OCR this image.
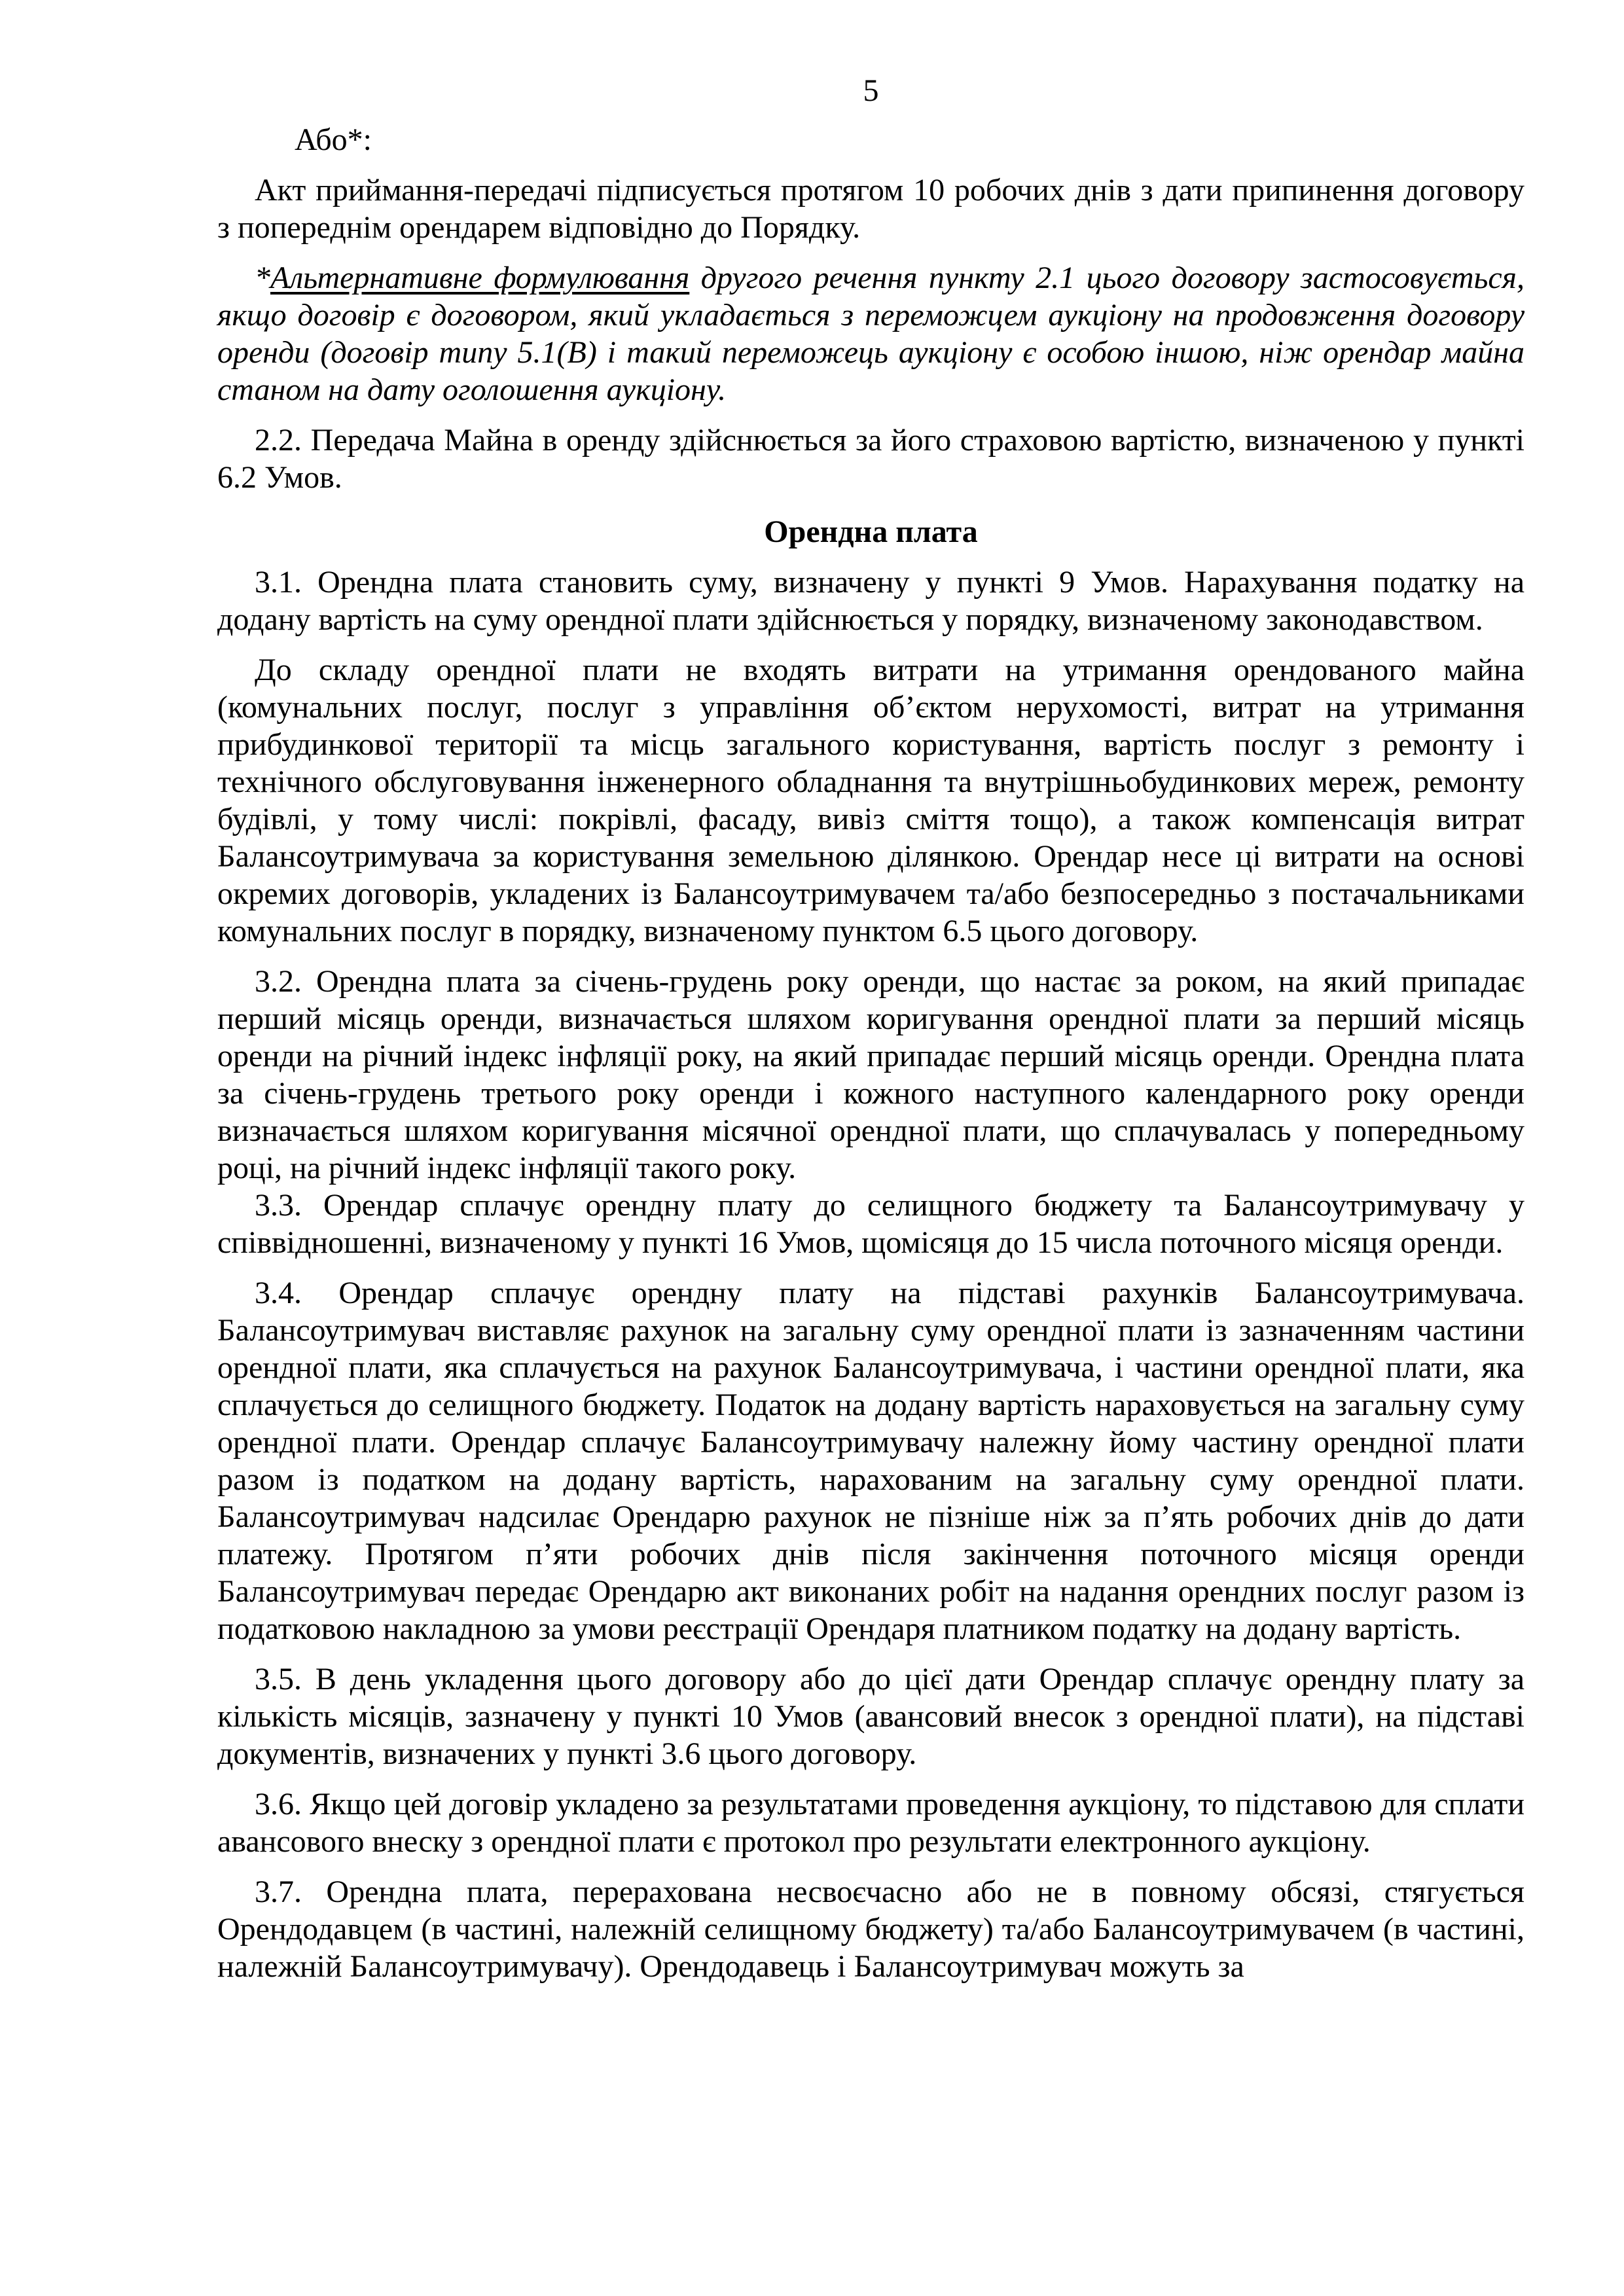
5

Або*:

Акт приймання-передачі підписується протягом 10 робочих днів з дати припинення договору з попереднім орендарем відповідно до Порядку.

*Альтернативне формулювання другого речення пункту 2.1 цього договору застосовується, якщо договір є договором, який укладається з переможцем аукціону на продовження договору оренди (договір типу 5.1(В) і такий переможець аукціону є особою іншою, ніж орендар майна станом на дату оголошення аукціону.

2.2. Передача Майна в оренду здійснюється за його страховою вартістю, визначеною у пункті 6.2 Умов.

Орендна плата

3.1. Орендна плата становить суму, визначену у пункті 9 Умов. Нарахування податку на додану вартість на суму орендної плати здійснюється у порядку, визначеному законодавством.

До складу орендної плати не входять витрати на утримання орендованого майна (комунальних послуг, послуг з управління об’єктом нерухомості, витрат на утримання прибудинкової території та місць загального користування, вартість послуг з ремонту і технічного обслуговування інженерного обладнання та внутрішньобудинкових мереж, ремонту будівлі, у тому числі: покрівлі, фасаду, вивіз сміття тощо), а також компенсація витрат Балансоутримувача за користування земельною ділянкою. Орендар несе ці витрати на основі окремих договорів, укладених із Балансоутримувачем та/або безпосередньо з постачальниками комунальних послуг в порядку, визначеному пунктом 6.5 цього договору.

3.2. Орендна плата за січень-грудень року оренди, що настає за роком, на який припадає перший місяць оренди, визначається шляхом коригування орендної плати за перший місяць оренди на річний індекс інфляції року, на який припадає перший місяць оренди. Орендна плата за січень-грудень третього року оренди і кожного наступного календарного року оренди визначається шляхом коригування місячної орендної плати, що сплачувалась у попередньому році, на річний індекс інфляції такого року.

3.3. Орендар сплачує орендну плату до селищного бюджету та Балансоутримувачу у співвідношенні, визначеному у пункті 16 Умов, щомісяця до 15 числа поточного місяця оренди.

3.4. Орендар сплачує орендну плату на підставі рахунків Балансоутримувача. Балансоутримувач виставляє рахунок на загальну суму орендної плати із зазначенням частини орендної плати, яка сплачується на рахунок Балансоутримувача, і частини орендної плати, яка сплачується до селищного бюджету. Податок на додану вартість нараховується на загальну суму орендної плати. Орендар сплачує Балансоутримувачу належну йому частину орендної плати разом із податком на додану вартість, нарахованим на загальну суму орендної плати. Балансоутримувач надсилає Орендарю рахунок не пізніше ніж за п’ять робочих днів до дати платежу. Протягом п’яти робочих днів після закінчення поточного місяця оренди Балансоутримувач передає Орендарю акт виконаних робіт на надання орендних послуг разом із податковою накладною за умови реєстрації Орендаря платником податку на додану вартість.

3.5. В день укладення цього договору або до цієї дати Орендар сплачує орендну плату за кількість місяців, зазначену у пункті 10 Умов (авансовий внесок з орендної плати), на підставі документів, визначених у пункті 3.6 цього договору.

3.6. Якщо цей договір укладено за результатами проведення аукціону, то підставою для сплати авансового внеску з орендної плати є протокол про результати електронного аукціону.

3.7. Орендна плата, перерахована несвоєчасно або не в повному обсязі, стягується Орендодавцем (в частині, належній селищному бюджету) та/або Балансоутримувачем (в частині, належній Балансоутримувачу). Орендодавець і Балансоутримувач можуть за
